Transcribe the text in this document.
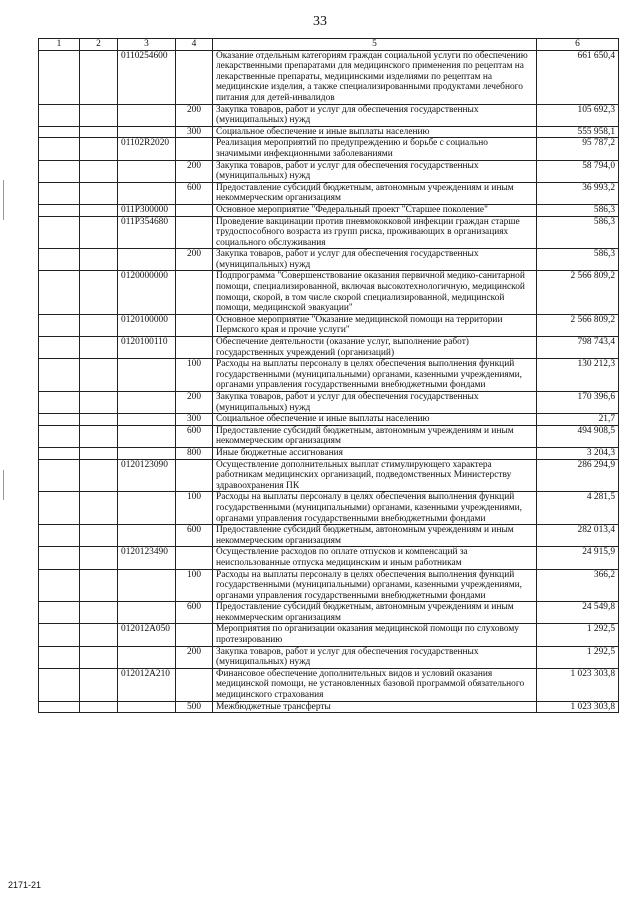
33
1	2	3	4	5	6
		0110254600		Оказание отдельным категориям граждан социальной услуги по обеспечению лекарственными препаратами для медицинского применения по рецептам на лекарственные препараты, медицинскими изделиями по рецептам на медицинские изделия, а также специализированными продуктами лечебного питания для детей-инвалидов	661 650,4
			200	Закупка товаров, работ и услуг для обеспечения государственных (муниципальных) нужд	105 692,3
			300	Социальное обеспечение и иные выплаты населению	555 958,1
		01102R2020		Реализация мероприятий по предупреждению и борьбе с социально значимыми инфекционными заболеваниями	95 787,2
			200	Закупка товаров, работ и услуг для обеспечения государственных (муниципальных) нужд	58 794,0
			600	Предоставление субсидий бюджетным, автономным учреждениям и иным некоммерческим организациям	36 993,2
		011P300000		Основное мероприятие "Федеральный проект "Старшее поколение"	586,3
		011P354680		Проведение вакцинации против пневмококковой инфекции граждан старше трудоспособного возраста из групп риска, проживающих в организациях социального обслуживания	586,3
			200	Закупка товаров, работ и услуг для обеспечения государственных (муниципальных) нужд	586,3
		0120000000		Подпрограмма "Совершенствование оказания первичной медико-санитарной помощи, специализированной, включая высокотехнологичную, медицинской помощи, скорой, в том числе скорой специализированной, медицинской помощи, медицинской эвакуации"	2 566 809,2
		0120100000		Основное мероприятие "Оказание медицинской помощи на территории Пермского края и прочие услуги"	2 566 809,2
		0120100110		Обеспечение деятельности (оказание услуг, выполнение работ) государственных учреждений (организаций)	798 743,4
			100	Расходы на выплаты персоналу в целях обеспечения выполнения функций государственными (муниципальными) органами, казенными учреждениями, органами управления государственными внебюджетными фондами	130 212,3
			200	Закупка товаров, работ и услуг для обеспечения государственных (муниципальных) нужд	170 396,6
			300	Социальное обеспечение и иные выплаты населению	21,7
			600	Предоставление субсидий бюджетным, автономным учреждениям и иным некоммерческим организациям	494 908,5
			800	Иные бюджетные ассигнования	3 204,3
		0120123090		Осуществление дополнительных выплат стимулирующего характера работникам медицинских организаций, подведомственных Министерству здравоохранения ПК	286 294,9
			100	Расходы на выплаты персоналу в целях обеспечения выполнения функций государственными (муниципальными) органами, казенными учреждениями, органами управления государственными внебюджетными фондами	4 281,5
			600	Предоставление субсидий бюджетным, автономным учреждениям и иным некоммерческим организациям	282 013,4
		0120123490		Осуществление расходов по оплате отпусков и компенсаций за неиспользованные отпуска медицинским и иным работникам	24 915,9
			100	Расходы на выплаты персоналу в целях обеспечения выполнения функций государственными (муниципальными) органами, казенными учреждениями, органами управления государственными внебюджетными фондами	366,2
			600	Предоставление субсидий бюджетным, автономным учреждениям и иным некоммерческим организациям	24 549,8
		012012A050		Мероприятия по организации оказания медицинской помощи по слуховому протезированию	1 292,5
			200	Закупка товаров, работ и услуг для обеспечения государственных (муниципальных) нужд	1 292,5
		012012A210		Финансовое обеспечение дополнительных видов и условий оказания медицинской помощи, не установленных базовой программой обязательного медицинского страхования	1 023 303,8
			500	Межбюджетные трансферты	1 023 303,8
2171-21
